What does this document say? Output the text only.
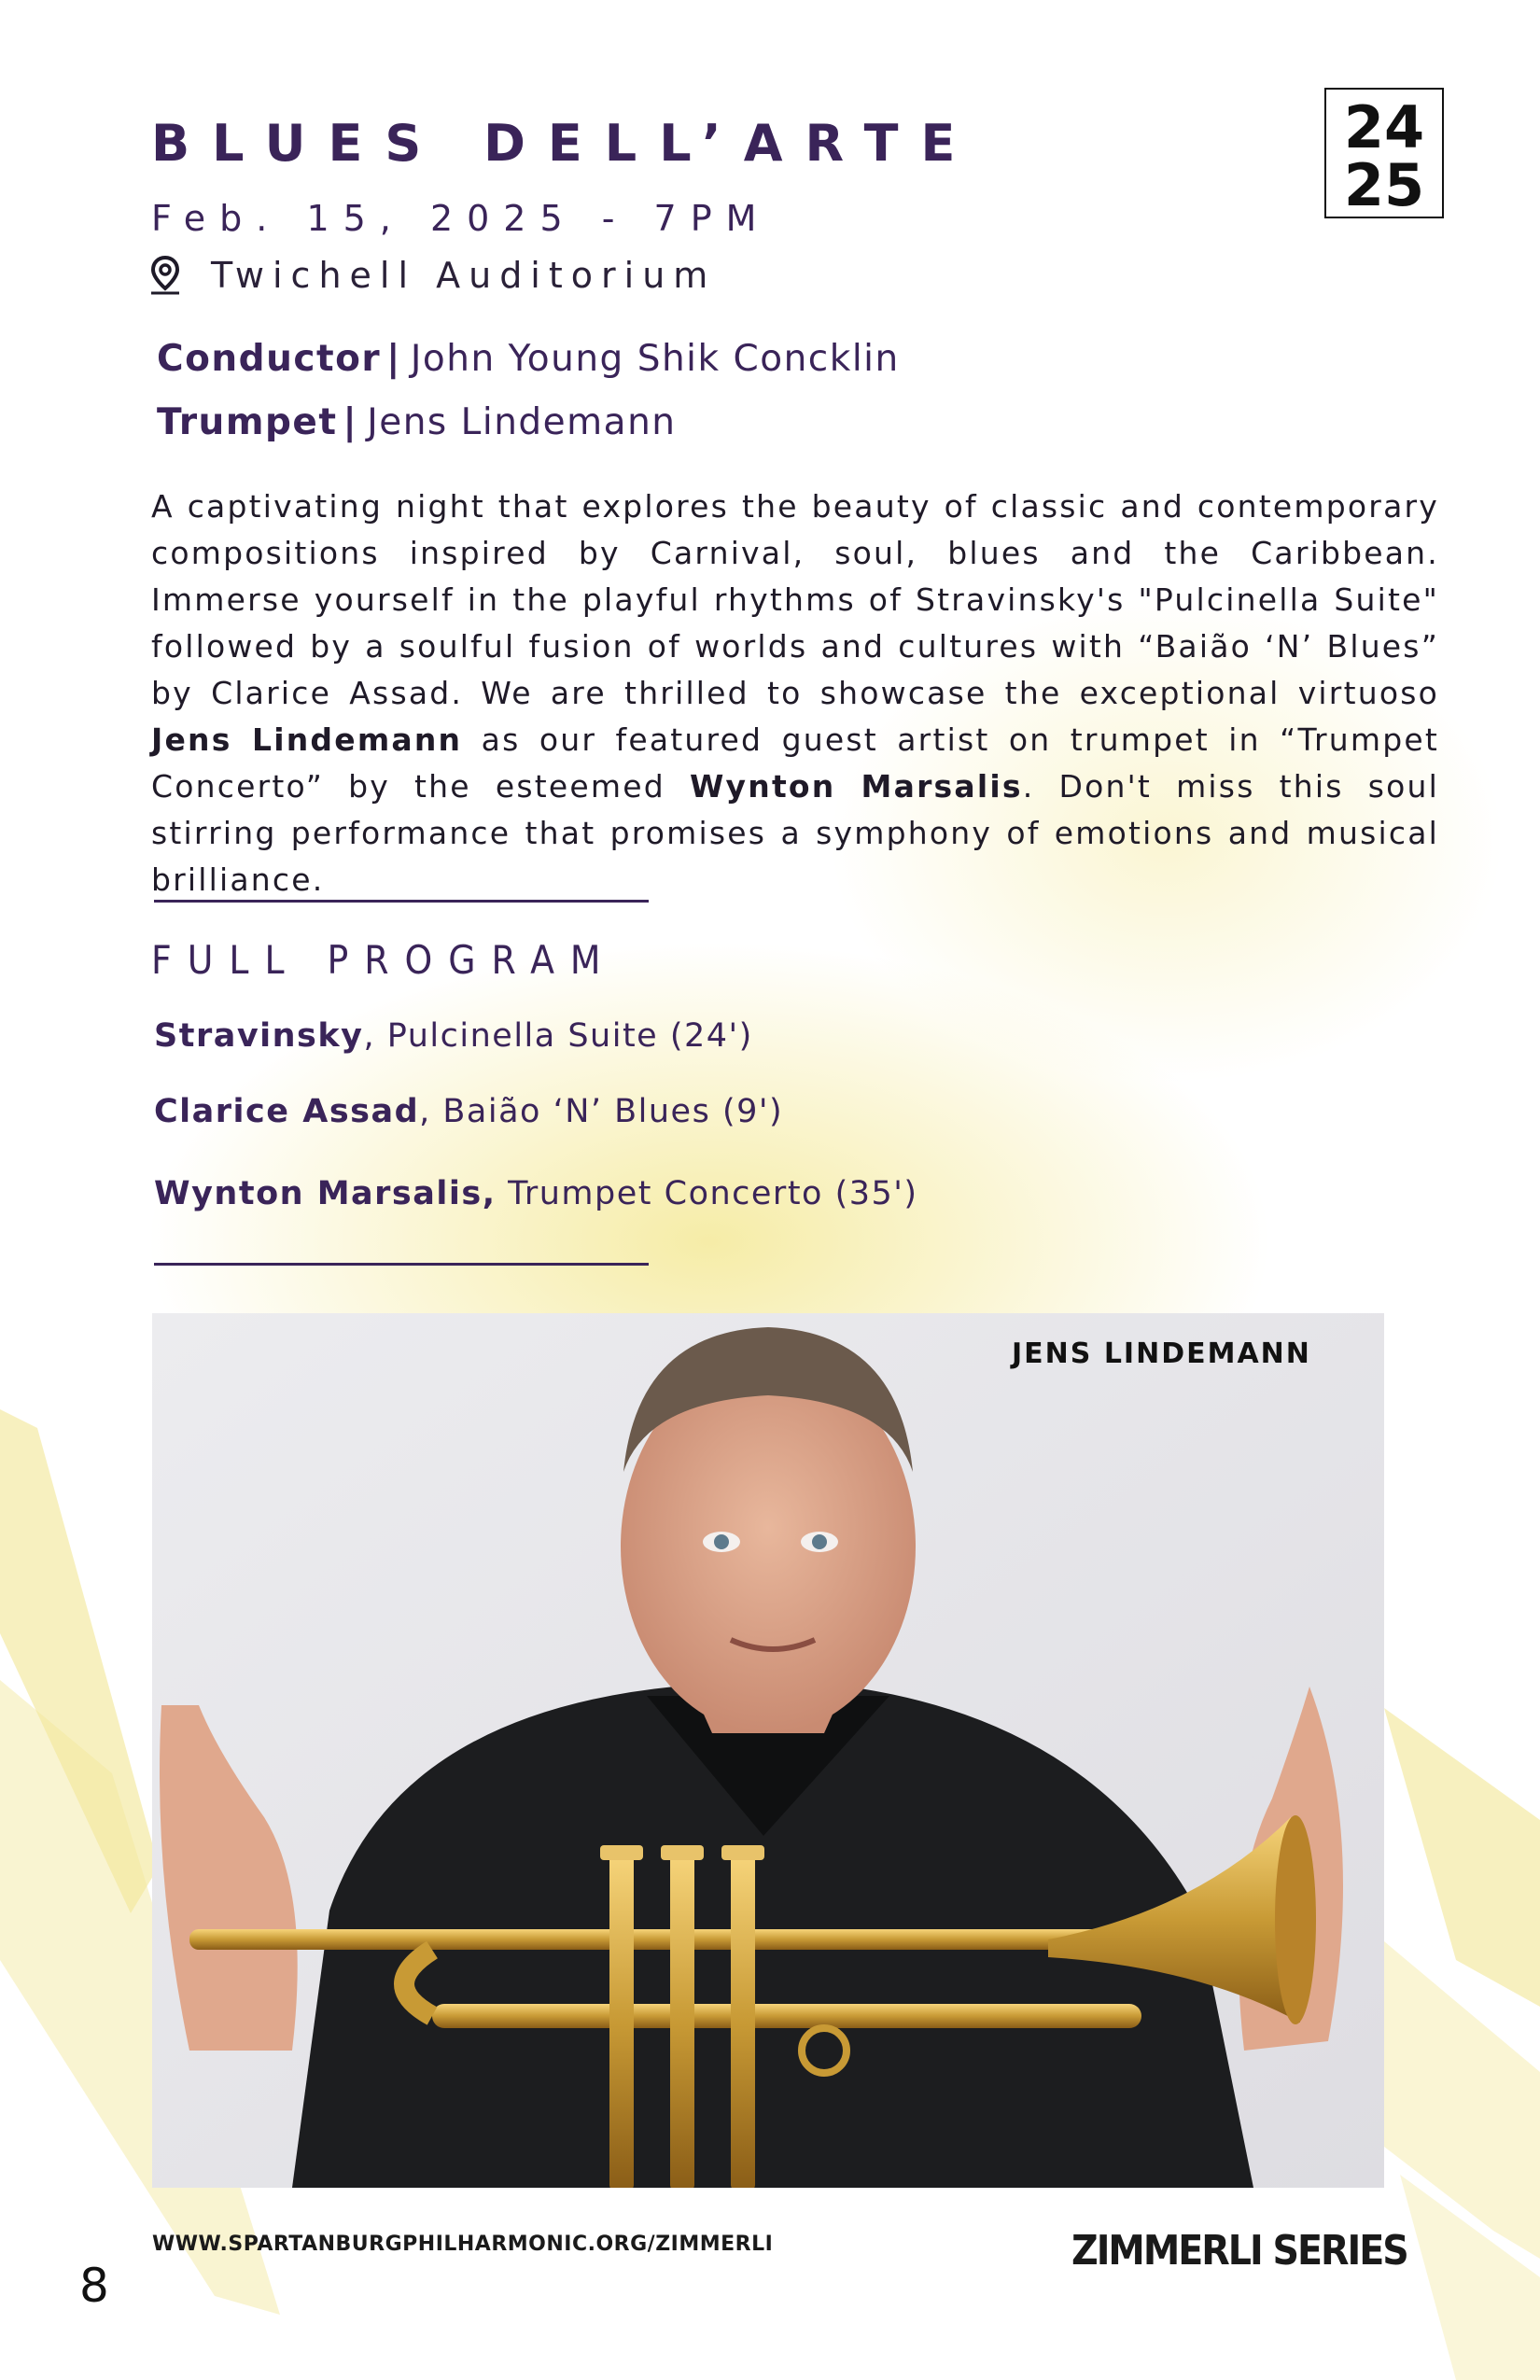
BLUES DELL’ARTE
Feb. 15, 2025 - 7PM
Twichell Auditorium
Conductor | John Young Shik Concklin
Trumpet | Jens Lindemann
A captivating night that explores the beauty of classic and contemporary compositions inspired by Carnival, soul, blues and the Caribbean. Immerse yourself in the playful rhythms of Stravinsky's "Pulcinella Suite" followed by a soulful fusion of worlds and cultures with “Baião ‘N’ Blues” by Clarice Assad. We are thrilled to showcase the exceptional virtuoso Jens Lindemann as our featured guest artist on trumpet in “Trumpet Concerto” by the esteemed Wynton Marsalis. Don't miss this soul stirring performance that promises a symphony of emotions and musical brilliance.
FULL PROGRAM
Stravinsky, Pulcinella Suite (24')
Clarice Assad, Baião ‘N’ Blues (9')
Wynton Marsalis, Trumpet Concerto (35')
JENS LINDEMANN
24
25
WWW.SPARTANBURGPHILHARMONIC.ORG/ZIMMERLI
8
ZIMMERLI SERIES
